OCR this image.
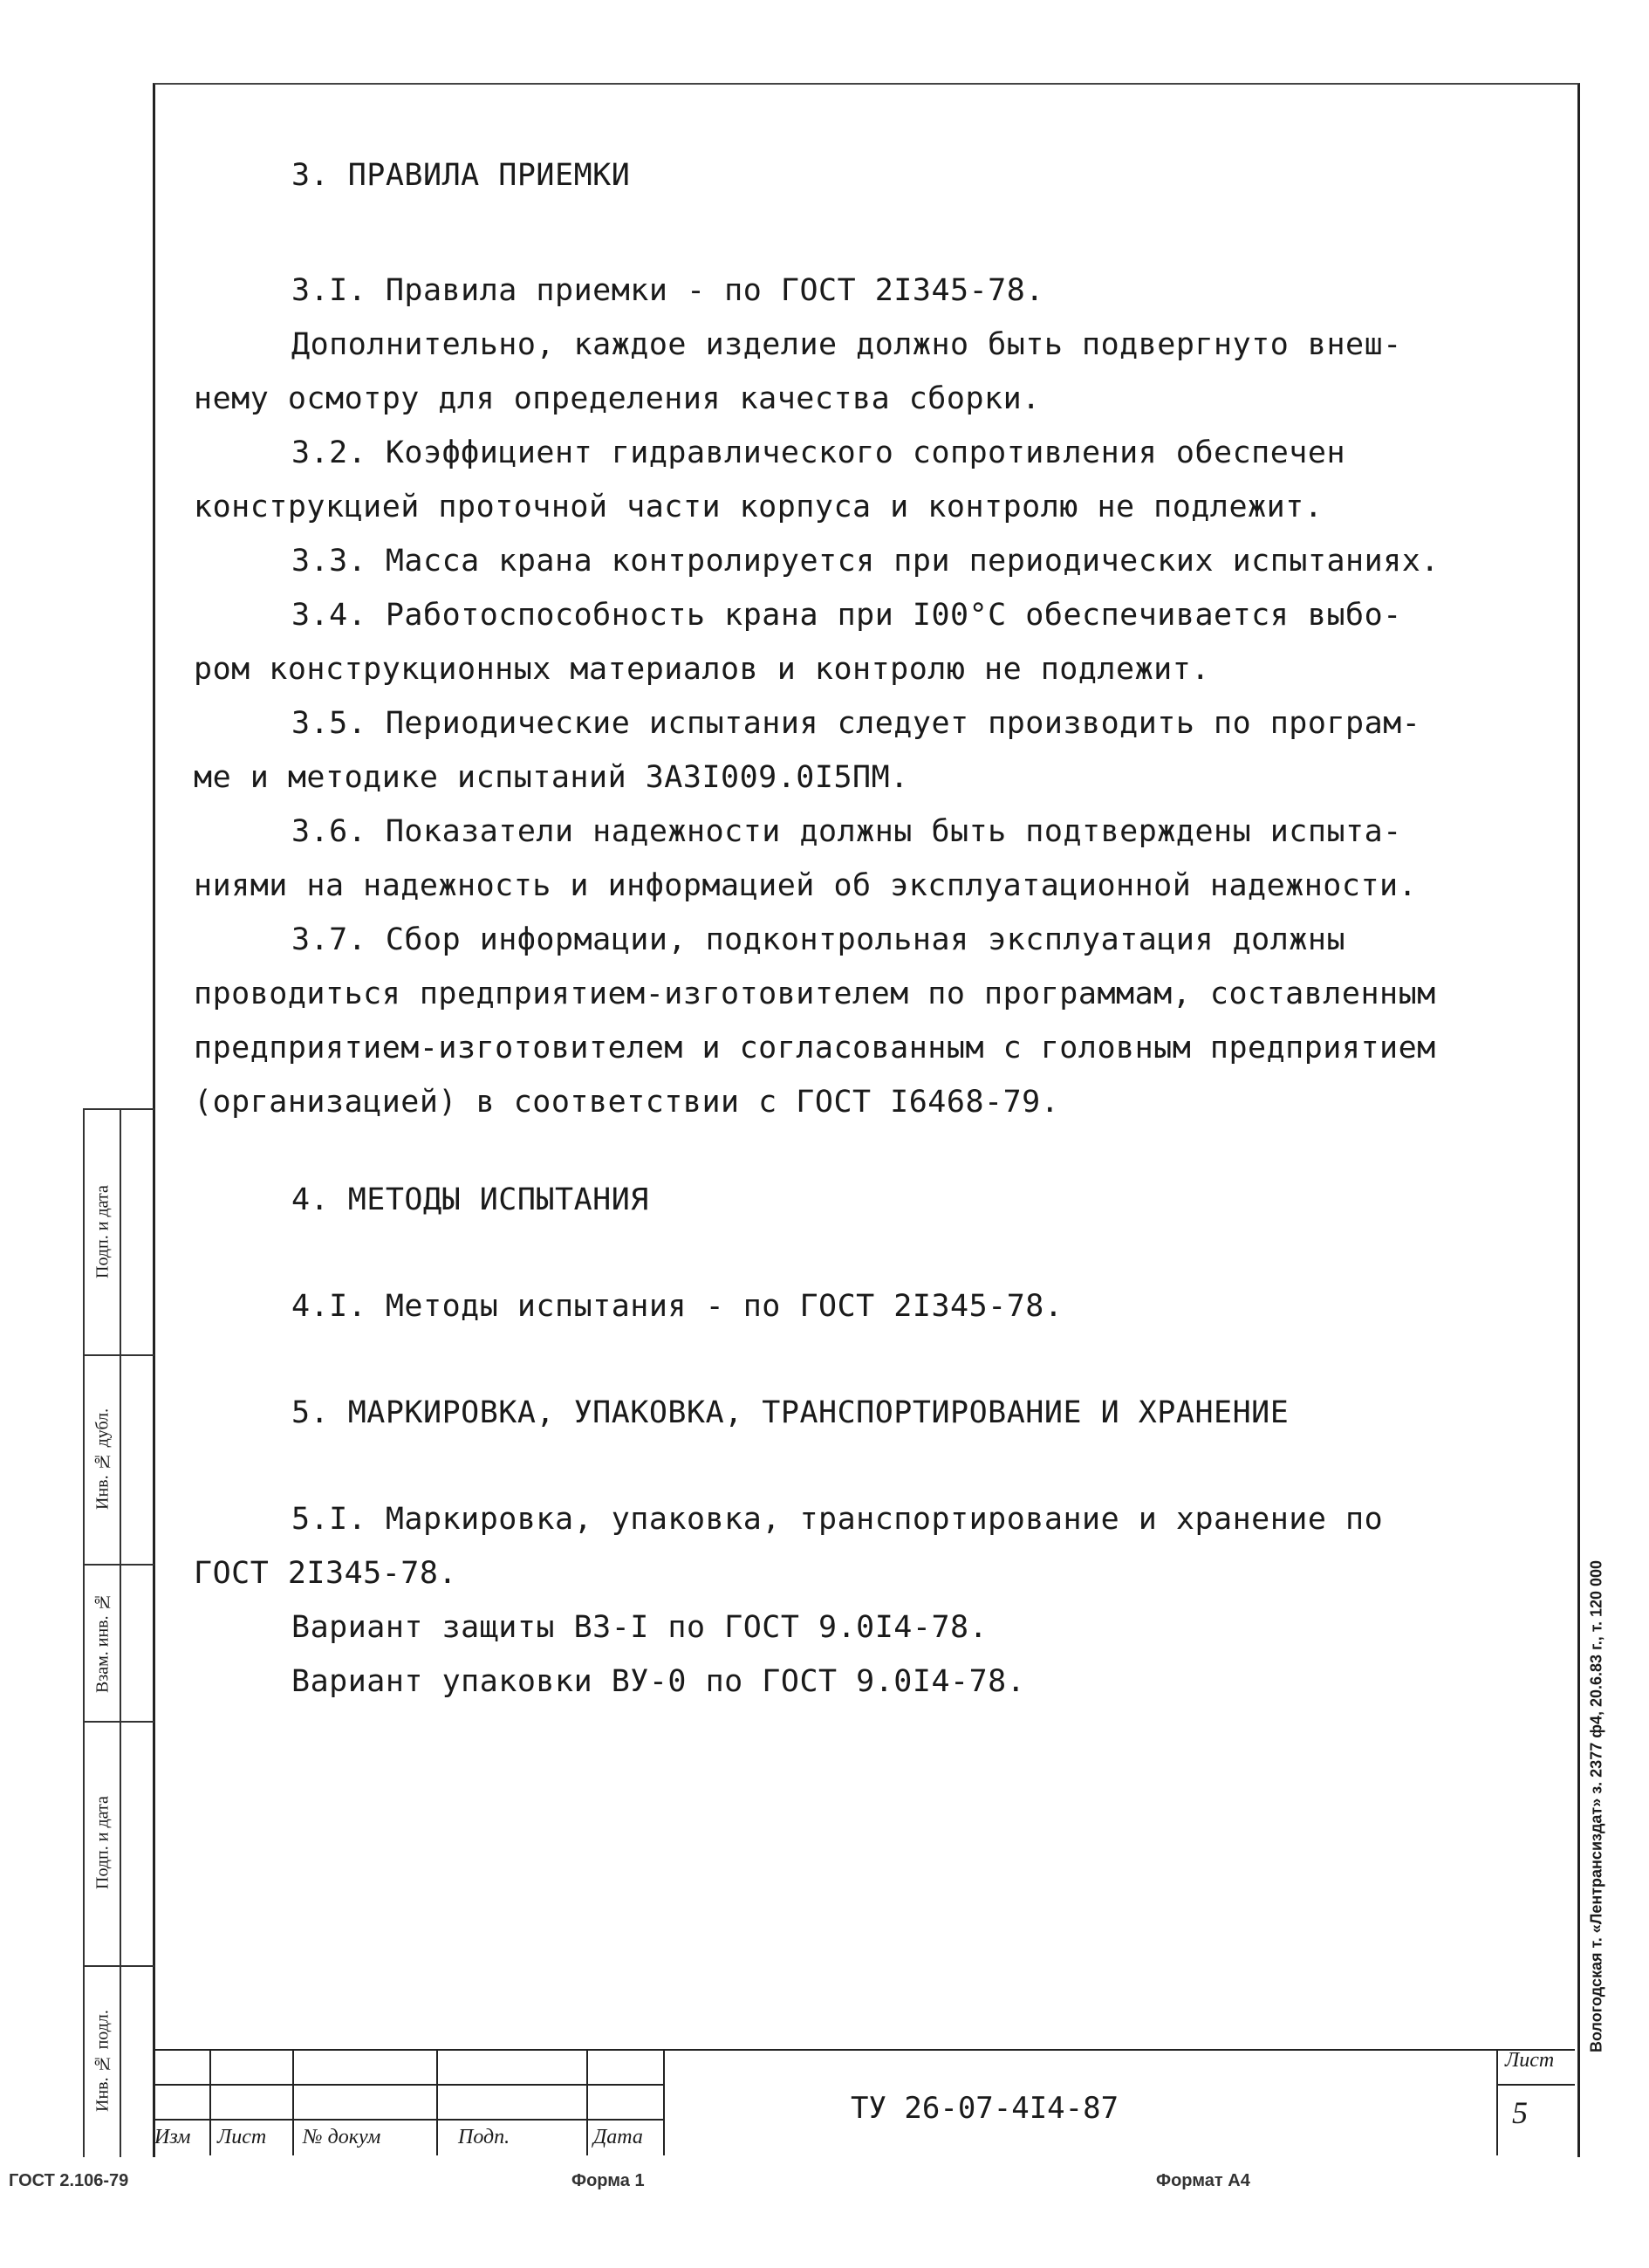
3. ПРАВИЛА ПРИЕМКИ

3.I. Правила приемки - по ГОСТ 2I345-78.

Дополнительно, каждое изделие должно быть подвергнуто внеш-

нему осмотру для определения качества сборки.

3.2. Коэффициент гидравлического сопротивления обеспечен

конструкцией проточной части корпуса и контролю не подлежит.

3.3. Масса крана контролируется при периодических испытаниях.

3.4. Работоспособность крана при I00°С обеспечивается выбо-

ром конструкционных материалов и контролю не подлежит.

3.5. Периодические испытания следует производить по програм-

ме и методике испытаний ЗА3I009.0I5ПМ.

3.6. Показатели надежности должны быть подтверждены испыта-

ниями на надежность и информацией об эксплуатационной надежности.

3.7. Сбор информации, подконтрольная эксплуатация должны

проводиться предприятием-изготовителем по программам, составленным

предприятием-изготовителем и согласованным с головным предприятием

(организацией) в соответствии с ГОСТ I6468-79.

4. МЕТОДЫ ИСПЫТАНИЯ

4.I. Методы испытания - по ГОСТ 2I345-78.

5. МАРКИРОВКА, УПАКОВКА, ТРАНСПОРТИРОВАНИЕ И ХРАНЕНИЕ

5.I. Маркировка, упаковка, транспортирование и хранение по

ГОСТ 2I345-78.

Вариант защиты ВЗ-I по ГОСТ 9.0I4-78.

Вариант упаковки ВУ-0 по ГОСТ 9.0I4-78.

Подп. и дата
Инв. № дубл.
Взам. инв. №
Подп. и дата
Инв. № подл.
Изм Лист № докум	Подп.	Дата
ТУ 26-07-4I4-87
Лист
5
ГОСТ 2.106-79	Форма 1	Формат А4
Вологодская т. «Лентрансиздат» з. 2377 ф4, 20.6.83 г., т. 120 000
